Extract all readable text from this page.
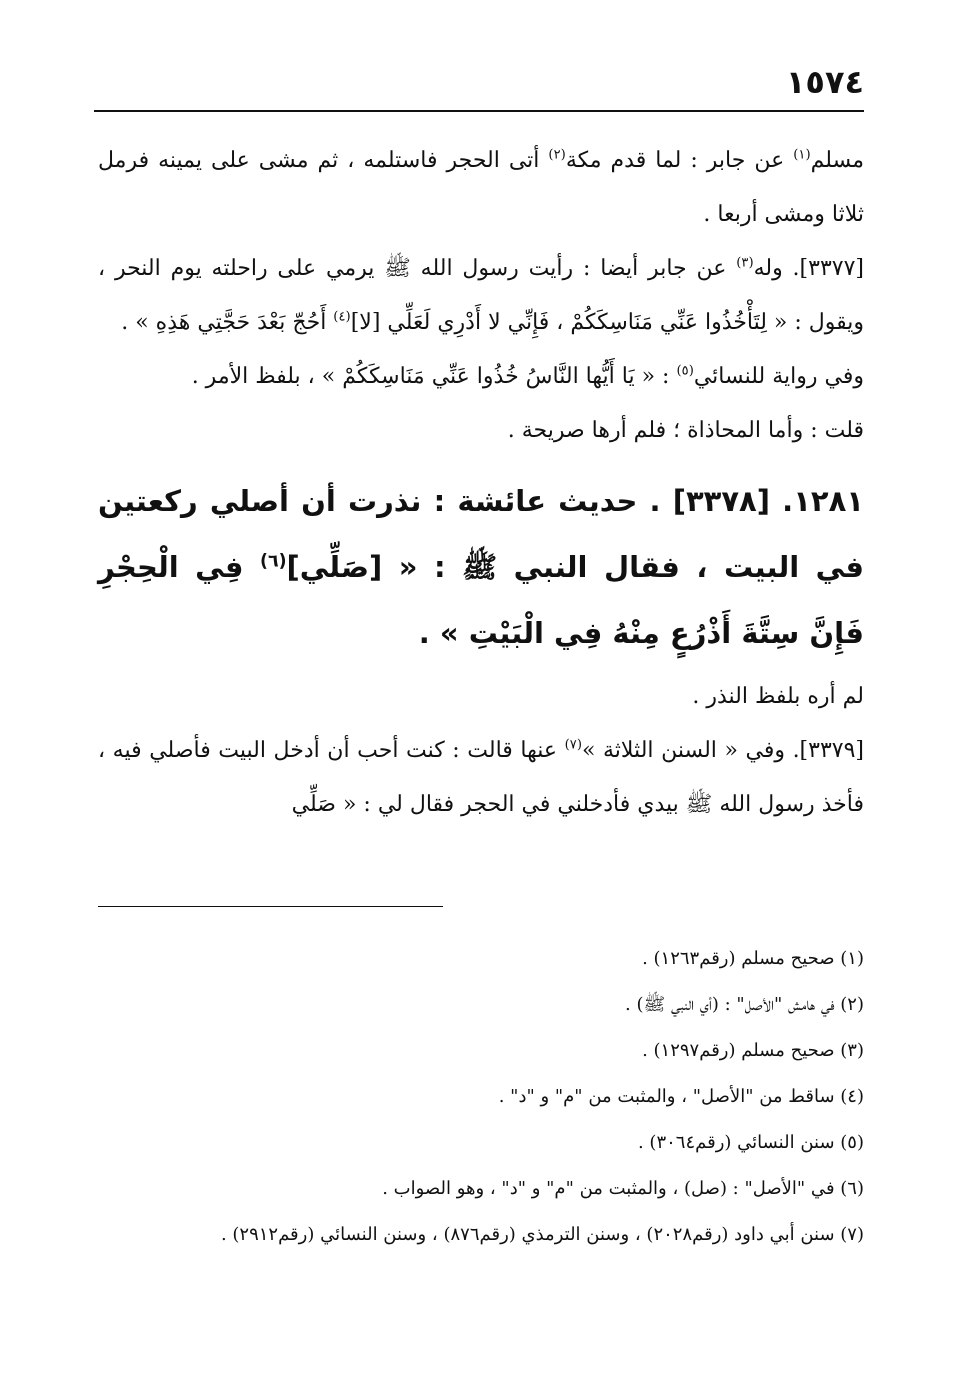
١٥٧٤

مسلم$^{(١)}$ عن جابر : لما قدم مكة$^{(٢)}$ أتى الحجر فاستلمه ، ثم مشى على يمينه فرمل ثلاثا ومشى أربعا .

[٣٣٧٧]. وله$^{(٣)}$ عن جابر أيضا : رأيت رسول الله ﷺ يرمي على راحلته يوم النحر ، ويقول : « لِتَأْخُذُوا عَنِّي مَنَاسِكَكُمْ ، فَإِنِّي لا أَدْرِي لَعَلِّي [لا]$^{(٤)}$ أَحُجّ بَعْدَ حَجَّتِي هَذِهِ » .

وفي رواية للنسائي$^{(٥)}$ : « يَا أَيُّها النَّاسُ خُذُوا عَنِّي مَنَاسِكَكُمْ » ، بلفظ الأمر .

قلت : وأما المحاذاة ؛ فلم أرها صريحة .

١٢٨١. [٣٣٧٨] . حديث عائشة : نذرت أن أصلي ركعتين في البيت ، فقال النبي ﷺ : « [صَلِّي]$^{(٦)}$ فِي الْحِجْرِ فَإِنَّ سِتَّةَ أَذْرُعٍ مِنْهُ فِي الْبَيْتِ » .

لم أره بلفظ النذر .

[٣٣٧٩]. وفي « السنن الثلاثة »$^{(٧)}$ عنها قالت : كنت أحب أن أدخل البيت فأصلي فيه ، فأخذ رسول الله ﷺ بيدي فأدخلني في الحجر فقال لي : « صَلِّي

(١) صحيح مسلم (رقم١٢٦٣) .

(٢) في هامش "الأصل" : (أي النبي ﷺ) .

(٣) صحيح مسلم (رقم١٢٩٧) .

(٤) ساقط من "الأصل" ، والمثبت من "م" و "د" .

(٥) سنن النسائي (رقم٣٠٦٤) .

(٦) في "الأصل" : (صل) ، والمثبت من "م" و "د" ، وهو الصواب .

(٧) سنن أبي داود (رقم٢٠٢٨) ، وسنن الترمذي (رقم٨٧٦) ، وسنن النسائي (رقم٢٩١٢) .
